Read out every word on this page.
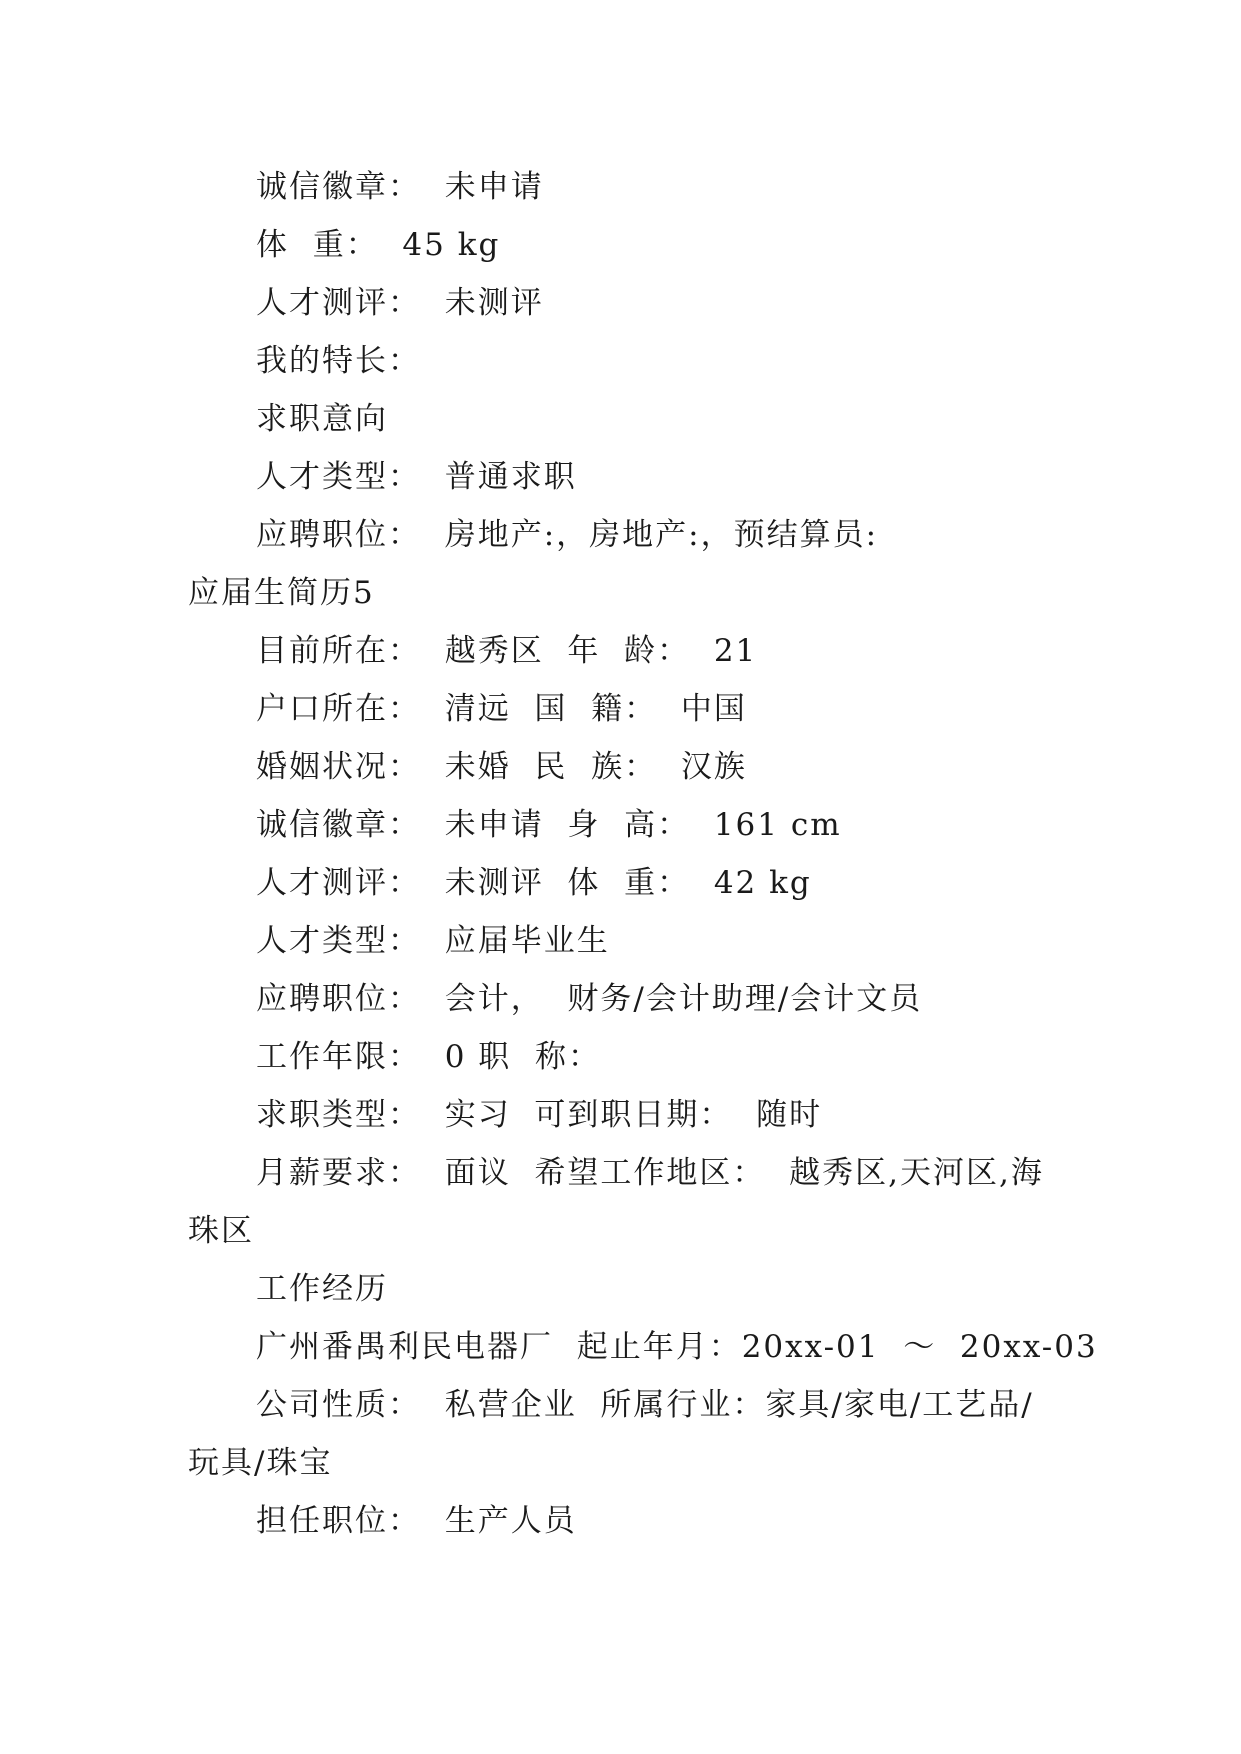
诚信徽章：  未申请
体  重：  45 kg
人才测评：  未测评
我的特长：
求职意向
人才类型：  普通求职
应聘职位：  房地产:，房地产:，预结算员:
应届生简历5
目前所在：  越秀区  年  龄：  21
户口所在：  清远  国  籍：  中国
婚姻状况：  未婚  民  族：  汉族
诚信徽章：  未申请  身  高：  161 cm
人才测评：  未测评  体  重：  42 kg
人才类型：  应届毕业生
应聘职位：  会计，  财务/会计助理/会计文员
工作年限：  0 职  称：
求职类型：  实习  可到职日期：  随时
月薪要求：  面议  希望工作地区：  越秀区,天河区,海
珠区
工作经历
广州番禺利民电器厂  起止年月：20xx-01  ～  20xx-03
公司性质：  私营企业  所属行业：家具/家电/工艺品/
玩具/珠宝
担任职位：  生产人员
